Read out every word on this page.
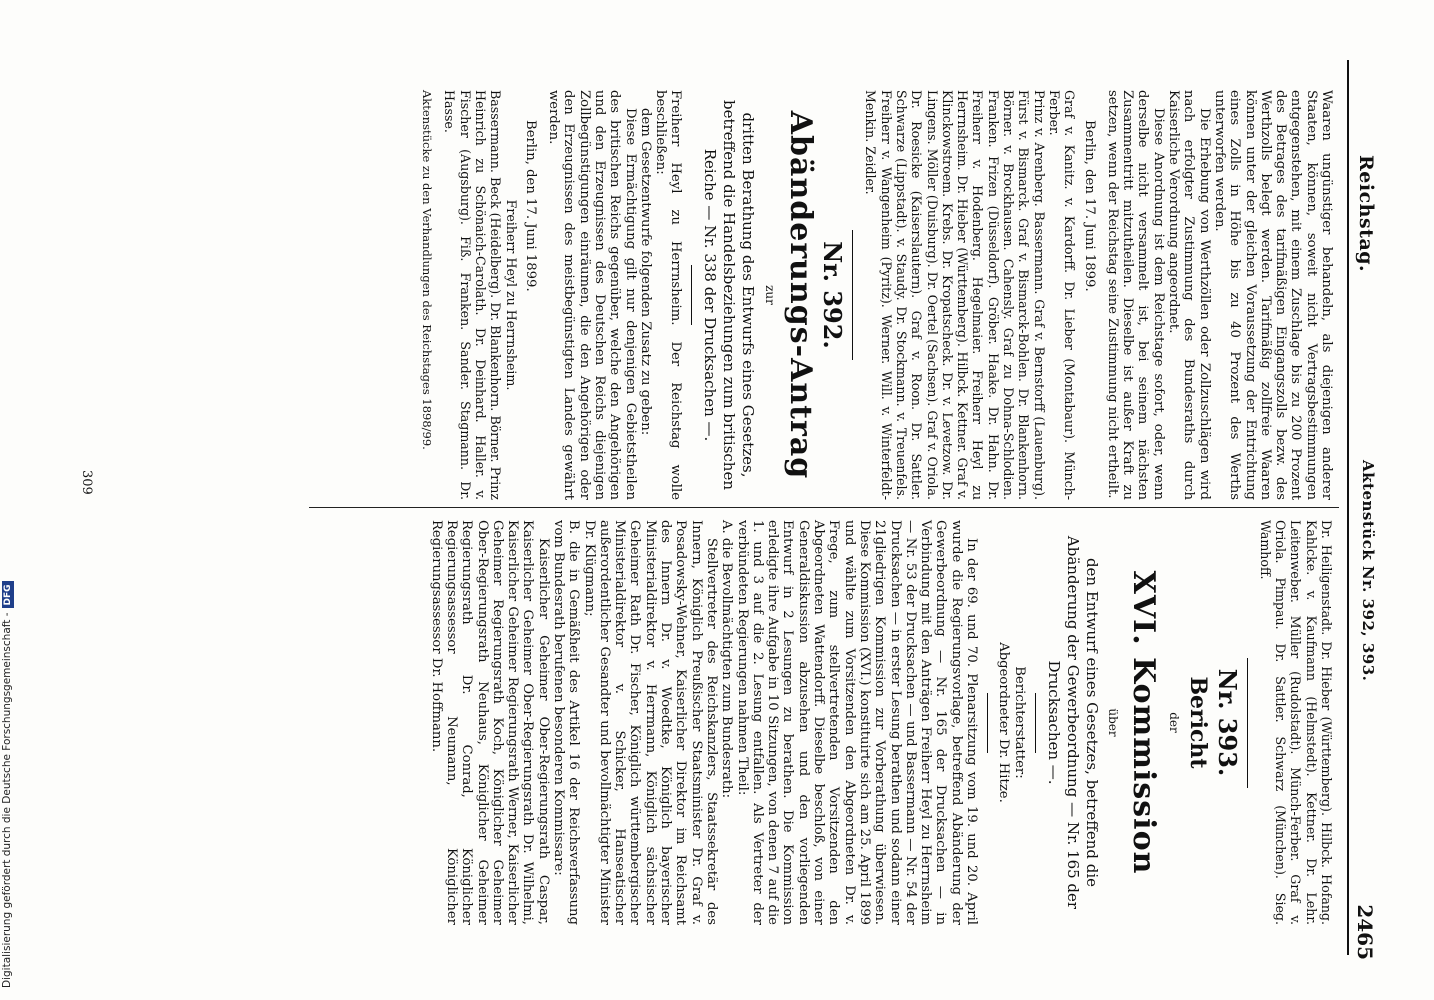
Reichstag.
Aktenstück Nr. 392, 393.
2465

Waaren ungünstiger behandeln, als diejenigen anderer Staaten, können, soweit nicht Vertragsbestimmungen entgegenstehen, mit einem Zuschlage bis zu 200 Prozent des Betrages des tarifmäßigen Eingangszolls bezw. des Werthzolls belegt werden. Tarifmäßig zollfreie Waaren können unter der gleichen Voraussetzung der Entrichtung eines Zolls in Höhe bis zu 40 Prozent des Werths unterworfen werden.

Die Erhebung von Werthzöllen oder Zollzuschlägen wird nach erfolgter Zustimmung des Bundesraths durch Kaiserliche Verordnung angeordnet.

Diese Anordnung ist dem Reichstage sofort, oder, wenn derselbe nicht versammelt ist, bei seinem nächsten Zusammentritt mitzutheilen. Dieselbe ist außer Kraft zu setzen, wenn der Reichstag seine Zustimmung nicht ertheilt.

Berlin, den 17. Juni 1899.

Graf v. Kanitz. v. Kardorff. Dr. Lieber (Montabaur). Münch-Ferber.

Prinz v. Arenberg. Bassermann. Graf v. Bernstorff (Lauenburg). Fürst v. Bismarck. Graf v. Bismarck-Bohlen. Dr. Blankenhorn. Börner. v. Brockhausen. Cahensly. Graf zu Dohna-Schlodien. Franken. Frizen (Düsseldorf). Gröber. Haake. Dr. Hahn. Dr. Freiherr v. Hodenberg. Hegelmaier. Freiherr Heyl zu Herrnsheim. Dr. Hieber (Württemberg). Hilbck. Kettner. Graf v. Klinckowstroem. Krebs. Dr. Kropatscheck. Dr. v. Levetzow. Dr. Lingens. Möller (Duisburg). Dr. Oertel (Sachsen). Graf v. Oriola. Dr. Roesicke (Kaiserslautern). Graf v. Roon. Dr. Sattler. Schwarze (Lippstadt). v. Staudy. Dr. Stockmann. v. Treuenfels. Freiherr v. Wangenheim (Pyritz). Werner. Will. v. Winterfeldt-Menkin. Zeidler.

Nr. 392.

Abänderungs-Antrag

zur

dritten Berathung des Entwurfs eines Gesetzes, betreffend die Handelsbeziehungen zum britischen Reiche — Nr. 338 der Drucksachen —.

Freiherr Heyl zu Herrnsheim. Der Reichstag wolle beschließen:

dem Gesetzentwurfe folgenden Zusatz zu geben:

Diese Ermächtigung gilt nur denjenigen Gebietstheilen des britischen Reichs gegenüber, welche den Angehörigen und den Erzeugnissen des Deutschen Reichs diejenigen Zollbegünstigungen einräumen, die den Angehörigen oder den Erzeugnissen des meistbegünstigten Landes gewährt werden.

Berlin, den 17. Juni 1899.

Freiherr Heyl zu Herrnsheim.

Bassermann. Beck (Heidelberg). Dr. Blankenhorn. Börner. Prinz Heinrich zu Schönaich-Carolath. Dr. Deinhard. Haller. v. Fischer (Augsburg). Fiß. Franken. Sander. Stagmann. Dr. Hasse.

Aktenstücke zu den Verhandlungen des Reichstages 1898/99.

Dr. Heiligenstadt. Dr. Hieber (Württemberg). Hilbck. Hofang. Kahlcke. v. Kaufmann (Helmstedt). Kettner. Dr. Lehr. Leitenweber. Müller (Rudolstadt). Münch-Ferber. Graf v. Oriola. Pimpau. Dr. Sattler. Schwarz (München). Sieg. Wamhoff.

Nr. 393.

Bericht

der

XVI. Kommission

über

den Entwurf eines Gesetzes, betreffend die Abänderung der Gewerbeordnung — Nr. 165 der Drucksachen —.

Berichterstatter:

Abgeordneter Dr. Hitze.

In der 69. und 70. Plenarsitzung vom 19. und 20. April wurde die Regierungsvorlage, betreffend Abänderung der Gewerbeordnung — Nr. 165 der Drucksachen — in Verbindung mit den Anträgen Freiherr Heyl zu Herrnsheim — Nr. 53 der Drucksachen — und Bassermann — Nr. 54 der Drucksachen — in erster Lesung berathen und sodann einer 21gliedrigen Kommission zur Vorberathung überwiesen. Diese Kommission (XVI.) konstituirte sich am 25. April 1899 und wählte zum Vorsitzenden den Abgeordneten Dr. v. Frege, zum stellvertretenden Vorsitzenden den Abgeordneten Wattendorff. Dieselbe beschloß, von einer Generaldiskussion abzusehen und den vorliegenden Entwurf in 2 Lesungen zu berathen. Die Kommission erledigte ihre Aufgabe in 10 Sitzungen, von denen 7 auf die 1. und 3 auf die 2. Lesung entfallen. Als Vertreter der verbündeten Regierungen nahmen Theil:

A. die Bevollmächtigten zum Bundesrath:

Stellvertreter des Reichskanzlers, Staatssekretär des Innern, Königlich Preußischer Staatsminister Dr. Graf v. Posadowsky-Wehner, Kaiserlicher Direktor im Reichsamt des Innern Dr. v. Woedtke, Königlich bayerischer Ministerialdirektor v. Herrmann, Königlich sächsischer Geheimer Rath Dr. Fischer, Königlich württembergischer Ministerialdirektor v. Schicker, Hanseatischer außerordentlicher Gesandter und bevollmächtigter Minister Dr. Klügmann;

B. die in Gemäßheit des Artikel 16 der Reichsverfassung vom Bundesrath berufenen besonderen Kommissare:

Kaiserlicher Geheimer Ober-Regierungsrath Caspar, Kaiserlicher Geheimer Ober-Regierungsrath Dr. Wilhelmi, Kaiserlicher Geheimer Regierungsrath Werner, Kaiserlicher Geheimer Regierungsrath Koch, Königlicher Geheimer Ober-Regierungsrath Neuhaus, Königlicher Geheimer Regierungsrath Dr. Conrad, Königlicher Regierungsassessor Neumann, Königlicher Regierungsassessor Dr. Hoffmann.

309
Digitalisierung gefördert durch die Deutsche Forschungsgemeinschaft -DFG
